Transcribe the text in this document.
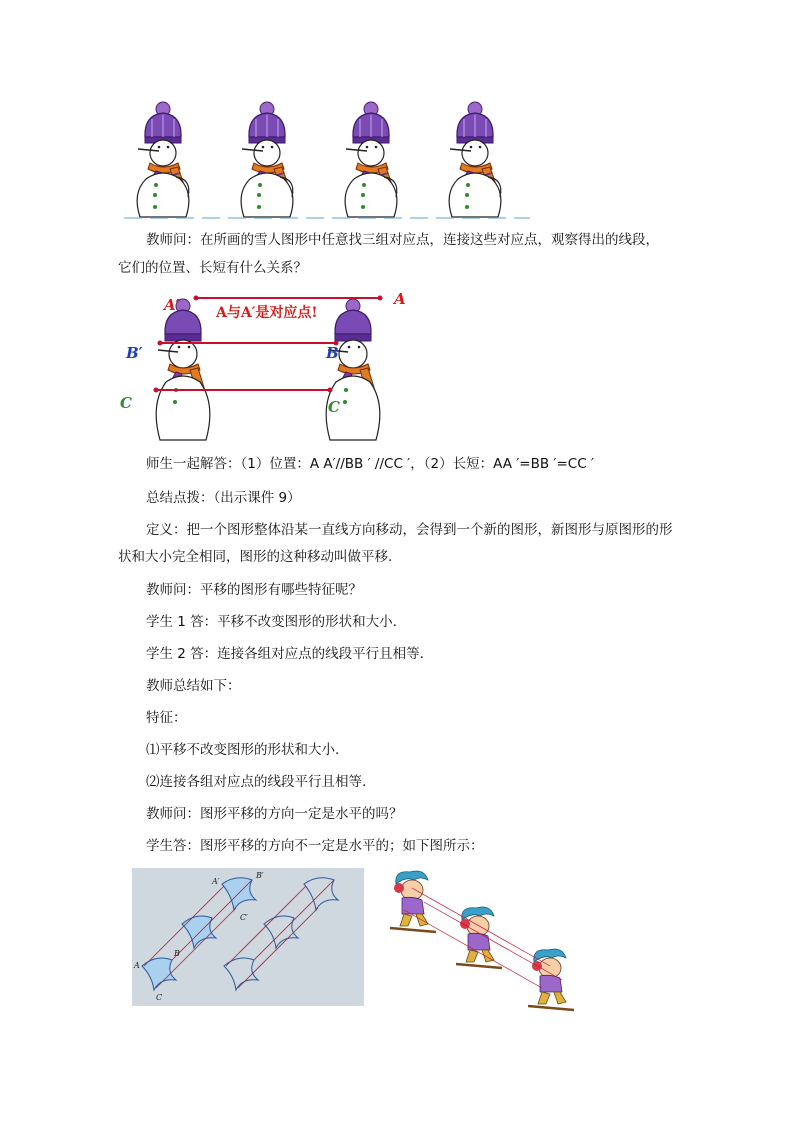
教师问：在所画的雪人图形中任意找三组对应点，连接这些对应点，观察得出的线段，
它们的位置、长短有什么关系？
A与A′是对应点!
A′	A
B′	B
C	C
师生一起解答：（1）位置：A A′//BB ′ //CC ′，（2）长短：AA ′=BB ′=CC ′
总结点拨：（出示课件 9）
定义：把一个图形整体沿某一直线方向移动，会得到一个新的图形，新图形与原图形的形
状和大小完全相同，图形的这种移动叫做平移.
教师问：平移的图形有哪些特征呢？
学生 1 答：平移不改变图形的形状和大小.
学生 2 答：连接各组对应点的线段平行且相等.
教师总结如下：
特征：
⑴平移不改变图形的形状和大小.
⑵连接各组对应点的线段平行且相等.
教师问：图形平移的方向一定是水平的吗？
学生答：图形平移的方向不一定是水平的；如下图所示：
A
B
C
A′
B′
C′
